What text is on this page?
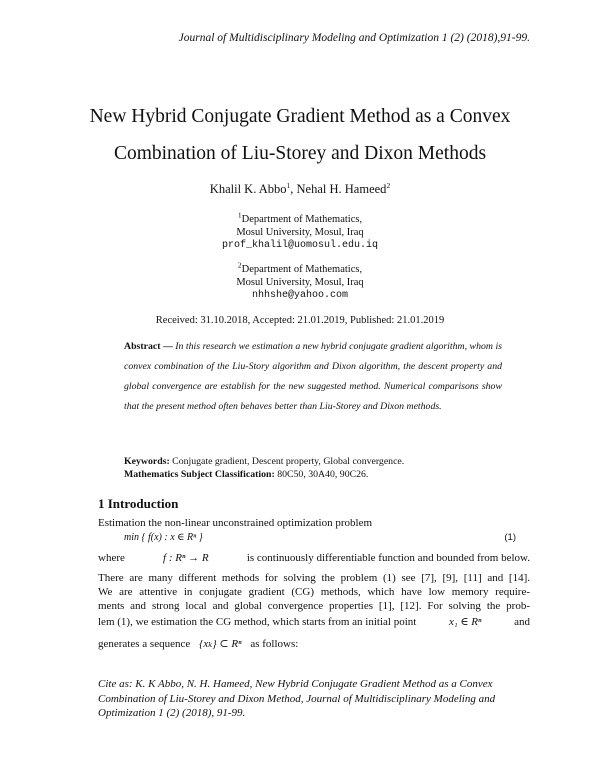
Journal of Multidisciplinary Modeling and Optimization 1 (2) (2018),91-99.
New Hybrid Conjugate Gradient Method as a Convex
Combination of Liu-Storey and Dixon Methods
Khalil K. Abbo$^1$, Nehal H. Hameed$^2$
$^1$Department of Mathematics,
Mosul University, Mosul, Iraq
prof_khalil@uomosul.edu.iq
$^2$Department of Mathematics,
Mosul University, Mosul, Iraq
nhhshe@yahoo.com
Received: 31.10.2018, Accepted: 21.01.2019, Published: 21.01.2019
Abstract — In this research we estimation a new hybrid conjugate gradient algorithm, whom is convex combination of the Liu-Story algorithm and Dixon algorithm, the descent property and global convergence are establish for the new suggested method. Numerical comparisons show that the present method often behaves better than Liu-Storey and Dixon methods.
Keywords: Conjugate gradient, Descent property, Global convergence.
Mathematics Subject Classification: 80C50, 30A40, 90C26.
1 Introduction
Estimation the non-linear unconstrained optimization problem
min { f(x) : x ∈ Rⁿ }	(1)
where	f : Rⁿ → R	is continuously differentiable function and bounded from below.
There are many different methods for solving the problem (1) see [7], [9], [11] and [14].
We are attentive in conjugate gradient (CG) methods, which have low memory require-
ments and strong local and global convergence properties [1], [12]. For solving the prob-
lem (1), we estimation the CG method, which starts from an initial point	x₁ ∈ Rⁿ	and
generates a sequence {xₖ} ⊂ Rⁿ as follows:
Cite as: K. K Abbo, N. H. Hameed, New Hybrid Conjugate Gradient Method as a Convex Combination of Liu-Storey and Dixon Method, Journal of Multidisciplinary Modeling and Optimization 1 (2) (2018), 91-99.
